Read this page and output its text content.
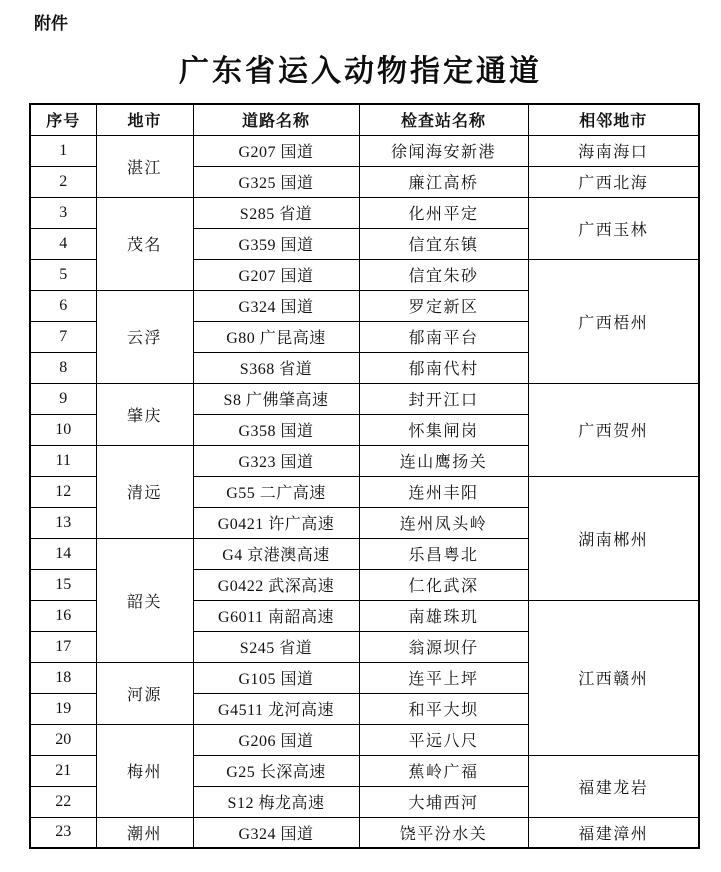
附件
广东省运入动物指定通道
序号	地市	道路名称	检查站名称	相邻地市
1	湛江	G207 国道	徐闻海安新港	海南海口
2		G325 国道	廉江高桥	广西北海
3	茂名	S285 省道	化州平定	广西玉林
4		G359 国道	信宜东镇	
5		G207 国道	信宜朱砂	广西梧州
6	云浮	G324 国道	罗定新区	
7		G80 广昆高速	郁南平台	
8		S368 省道	郁南代村	
9	肇庆	S8 广佛肇高速	封开江口	广西贺州
10		G358 国道	怀集闸岗	
11	清远	G323 国道	连山鹰扬关	
12		G55 二广高速	连州丰阳	湖南郴州
13		G0421 许广高速	连州凤头岭	
14	韶关	G4 京港澳高速	乐昌粤北	
15		G0422 武深高速	仁化武深	
16		G6011 南韶高速	南雄珠玑	江西赣州
17		S245 省道	翁源坝仔	
18	河源	G105 国道	连平上坪	
19		G4511 龙河高速	和平大坝	
20	梅州	G206 国道	平远八尺	
21		G25 长深高速	蕉岭广福	福建龙岩
22		S12 梅龙高速	大埔西河	
23	潮州	G324 国道	饶平汾水关	福建漳州
